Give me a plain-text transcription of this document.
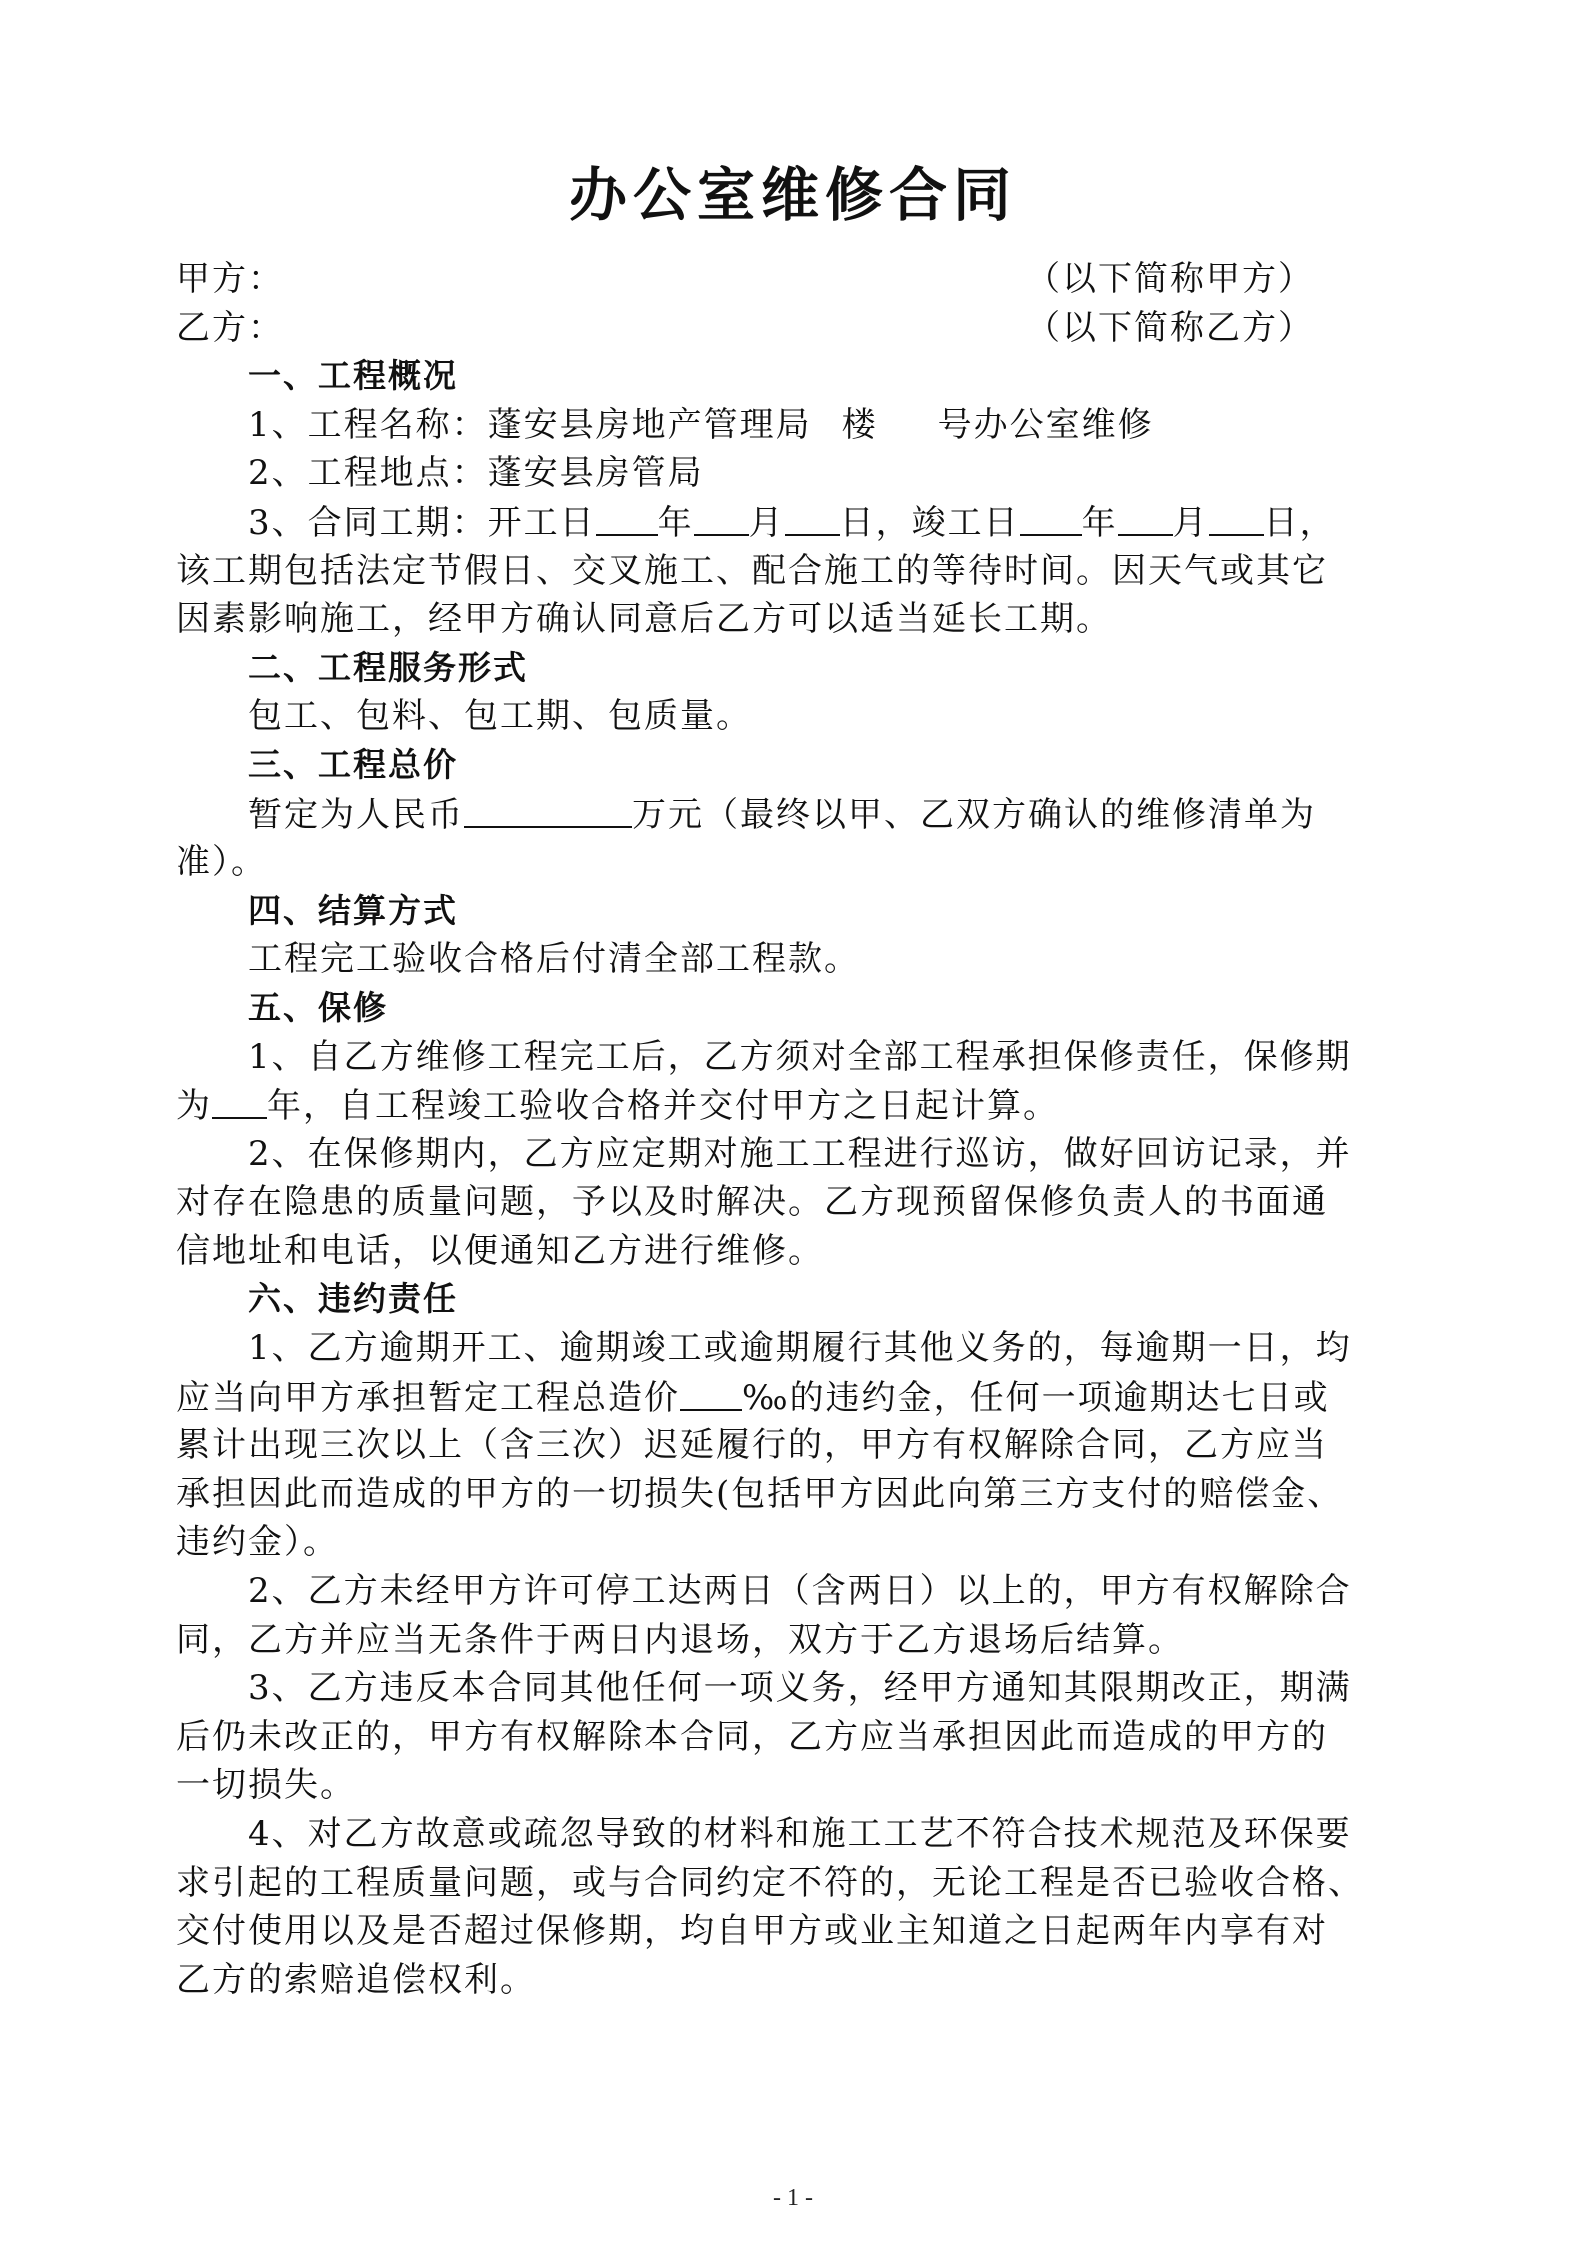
办公室维修合同
甲方：	（以下简称甲方）
乙方：	（以下简称乙方）
一、工程概况
1、工程名称：蓬安县房地产管理局 楼 号办公室维修
2、工程地点：蓬安县房管局
3、合同工期：开工日 年 月 日，竣工日 年 月 日，
该工期包括法定节假日、交叉施工、配合施工的等待时间。因天气或其它
因素影响施工，经甲方确认同意后乙方可以适当延长工期。
二、工程服务形式
包工、包料、包工期、包质量。
三、工程总价
暂定为人民币	万元（最终以甲、乙双方确认的维修清单为
准）。
四、结算方式
工程完工验收合格后付清全部工程款。
五、保修
1、自乙方维修工程完工后，乙方须对全部工程承担保修责任，保修期
为 年，自工程竣工验收合格并交付甲方之日起计算。
2、在保修期内，乙方应定期对施工工程进行巡访，做好回访记录，并
对存在隐患的质量问题，予以及时解决。乙方现预留保修负责人的书面通
信地址和电话，以便通知乙方进行维修。
六、违约责任
1、乙方逾期开工、逾期竣工或逾期履行其他义务的，每逾期一日，均
应当向甲方承担暂定工程总造价 ‰的违约金，任何一项逾期达七日或
累计出现三次以上（含三次）迟延履行的，甲方有权解除合同，乙方应当
承担因此而造成的甲方的一切损失(包括甲方因此向第三方支付的赔偿金、
违约金）。
2、乙方未经甲方许可停工达两日（含两日）以上的，甲方有权解除合
同，乙方并应当无条件于两日内退场，双方于乙方退场后结算。
3、乙方违反本合同其他任何一项义务，经甲方通知其限期改正，期满
后仍未改正的，甲方有权解除本合同，乙方应当承担因此而造成的甲方的
一切损失。
4、对乙方故意或疏忽导致的材料和施工工艺不符合技术规范及环保要
求引起的工程质量问题，或与合同约定不符的，无论工程是否已验收合格、
交付使用以及是否超过保修期，均自甲方或业主知道之日起两年内享有对
乙方的索赔追偿权利。
- 1 -
